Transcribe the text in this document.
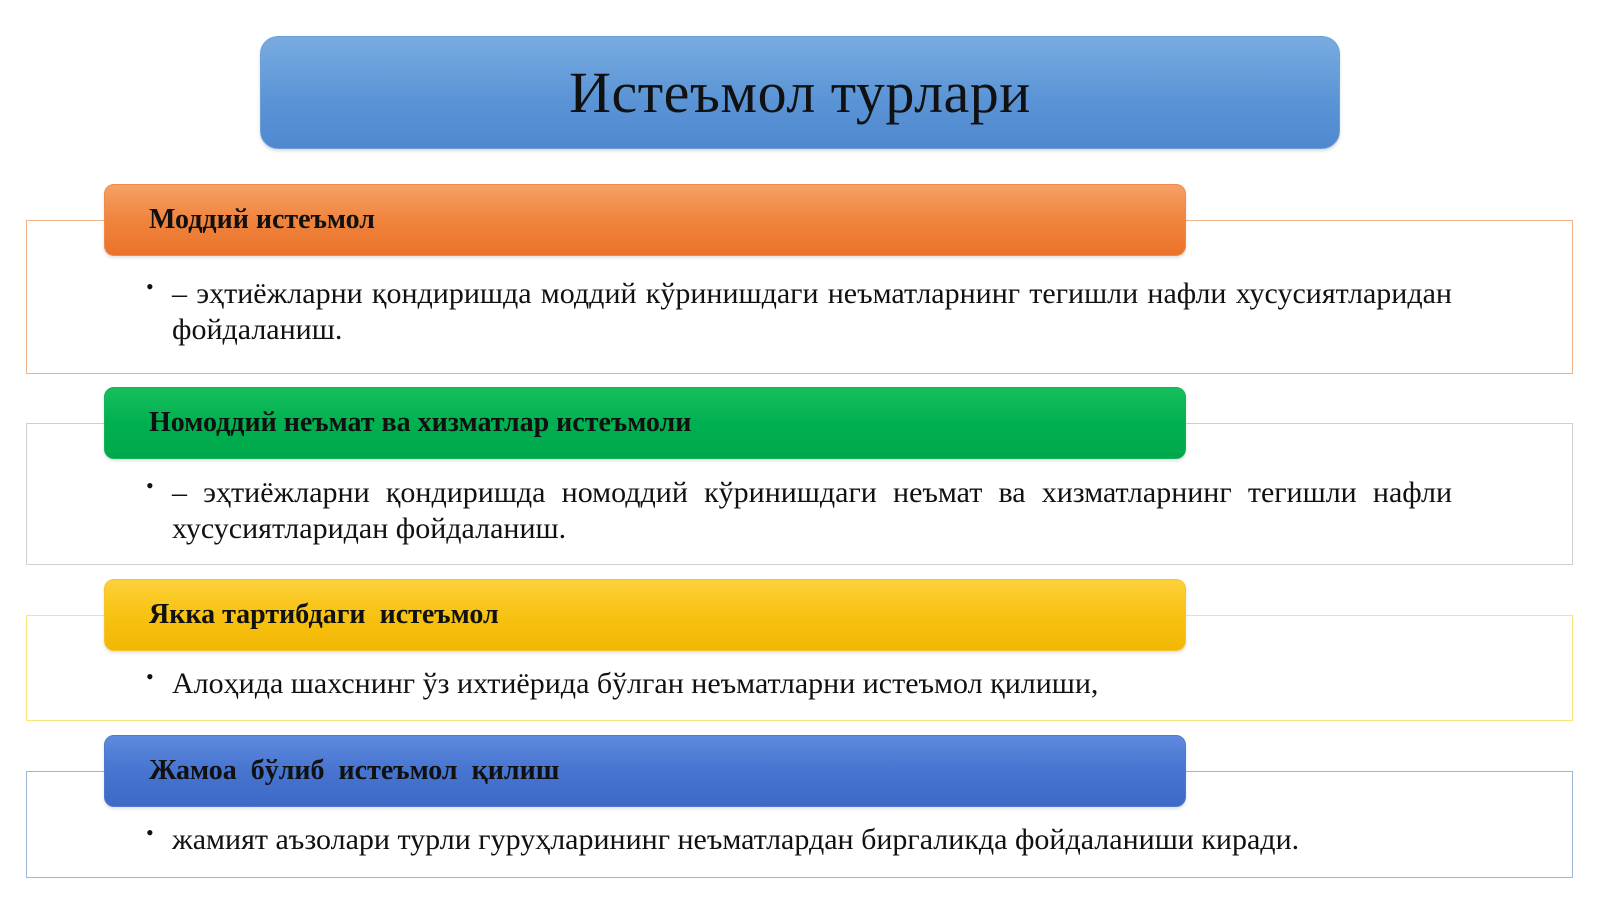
Истеъмол турлари
Моддий истеъмол
• – эҳтиёжларни қондиришда моддий кўринишдаги неъматларнинг тегишли нафли хусусиятларидан фойдаланиш.
Номоддий неъмат ва хизматлар истеъмоли
• – эҳтиёжларни қондиришда номоддий кўринишдаги неъмат ва хизматларнинг тегишли нафли хусусиятларидан фойдаланиш.
Якка тартибдаги  истеъмол
• Алоҳида шахснинг ўз ихтиёрида бўлган неъматларни истеъмол қилиши,
Жамоа  бўлиб  истеъмол  қилиш
• жамият аъзолари турли гуруҳларининг неъматлардан биргаликда фойдаланиши киради.
